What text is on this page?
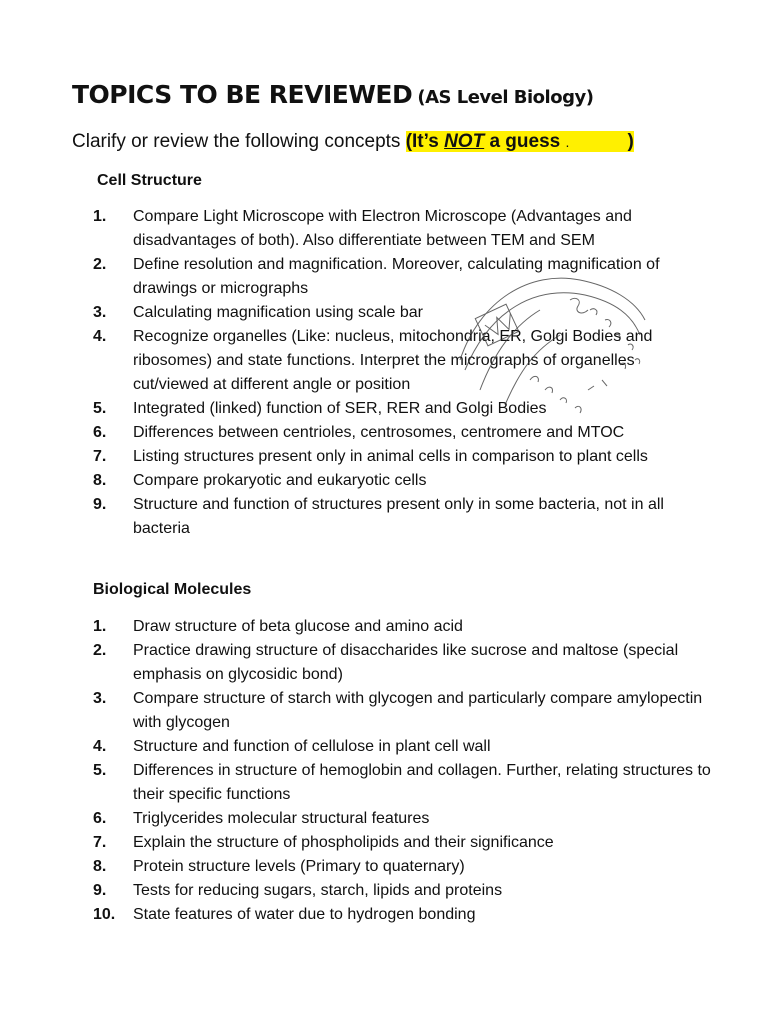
TOPICS TO BE REVIEWED (AS Level Biology)
Clarify or review the following concepts (It’s NOT a guess .	)
Cell Structure
1. Compare Light Microscope with Electron Microscope (Advantages and disadvantages of both). Also differentiate between TEM and SEM
2. Define resolution and magnification. Moreover, calculating magnification of drawings or micrographs
3. Calculating magnification using scale bar
4. Recognize organelles (Like: nucleus, mitochondria, ER, Golgi Bodies and ribosomes) and state functions. Interpret the micrographs of organelles cut/viewed at different angle or position
5. Integrated (linked) function of SER, RER and Golgi Bodies
6. Differences between centrioles, centrosomes, centromere and MTOC
7. Listing structures present only in animal cells in comparison to plant cells
8. Compare prokaryotic and eukaryotic cells
9. Structure and function of structures present only in some bacteria, not in all bacteria
Biological Molecules
1. Draw structure of beta glucose and amino acid
2. Practice drawing structure of disaccharides like sucrose and maltose (special emphasis on glycosidic bond)
3. Compare structure of starch with glycogen and particularly compare amylopectin with glycogen
4. Structure and function of cellulose in plant cell wall
5. Differences in structure of hemoglobin and collagen. Further, relating structures to their specific functions
6. Triglycerides molecular structural features
7. Explain the structure of phospholipids and their significance
8. Protein structure levels (Primary to quaternary)
9. Tests for reducing sugars, starch, lipids and proteins
10. State features of water due to hydrogen bonding
